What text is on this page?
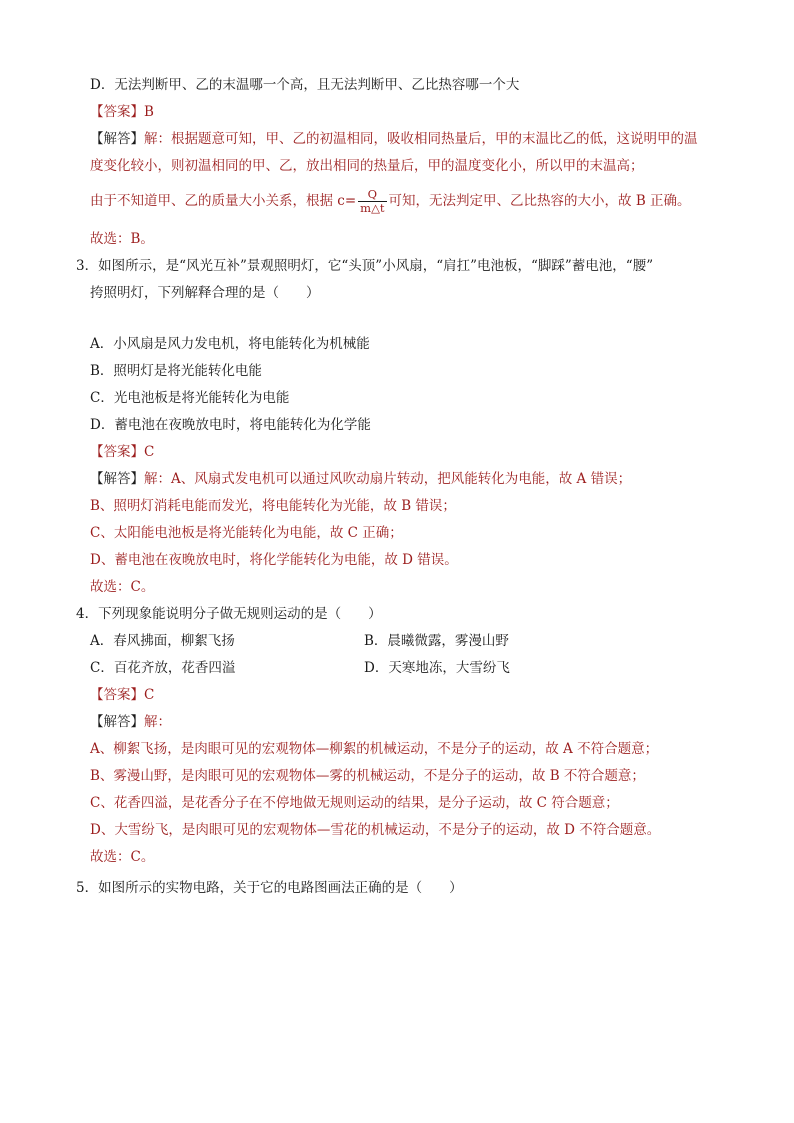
D．无法判断甲、乙的末温哪一个高，且无法判断甲、乙比热容哪一个大
【答案】B
【解答】解：根据题意可知，甲、乙的初温相同，吸收相同热量后，甲的末温比乙的低，这说明甲的温
度变化较小，则初温相同的甲、乙，放出相同的热量后，甲的温度变化小，所以甲的末温高；
由于不知道甲、乙的质量大小关系，根据 $c= \frac{Q}{m\triangle t}$ 可知，无法判定甲、乙比热容的大小，故 B 正确。
故选：B。
3．如图所示，是“风光互补”景观照明灯，它“头顶”小风扇，“肩扛”电池板，“脚踩”蓄电池，“腰”
挎照明灯，下列解释合理的是（　　）
A．小风扇是风力发电机，将电能转化为机械能
B．照明灯是将光能转化电能
C．光电池板是将光能转化为电能
D．蓄电池在夜晚放电时，将电能转化为化学能
【答案】C
【解答】解：A、风扇式发电机可以通过风吹动扇片转动，把风能转化为电能，故 A 错误；
B、照明灯消耗电能而发光，将电能转化为光能，故 B 错误；
C、太阳能电池板是将光能转化为电能，故 C 正确；
D、蓄电池在夜晚放电时，将化学能转化为电能，故 D 错误。
故选：C。
4．下列现象能说明分子做无规则运动的是（　　）
A．春风拂面，柳絮飞扬	B．晨曦微露，雾漫山野
C．百花齐放，花香四溢	D．天寒地冻，大雪纷飞
【答案】C
【解答】解：
A、柳絮飞扬，是肉眼可见的宏观物体—柳絮的机械运动，不是分子的运动，故 A 不符合题意；
B、雾漫山野，是肉眼可见的宏观物体—雾的机械运动，不是分子的运动，故 B 不符合题意；
C、花香四溢，是花香分子在不停地做无规则运动的结果，是分子运动，故 C 符合题意；
D、大雪纷飞，是肉眼可见的宏观物体—雪花的机械运动，不是分子的运动，故 D 不符合题意。
故选：C。
5．如图所示的实物电路，关于它的电路图画法正确的是（　　）
